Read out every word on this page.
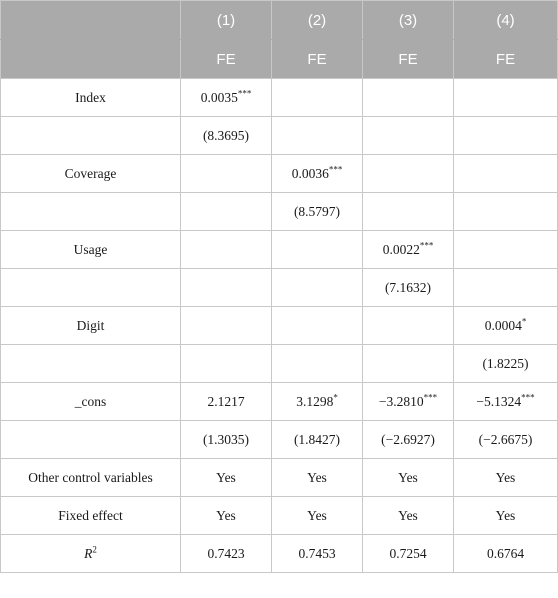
	(1)	(2)	(3)	(4)
	FE	FE	FE	FE
Index	0.0035***			
	(8.3695)			
Coverage		0.0036***		
		(8.5797)		
Usage			0.0022***	
			(7.1632)	
Digit				0.0004*
				(1.8225)
_cons	2.1217	3.1298*	−3.2810***	−5.1324***
	(1.3035)	(1.8427)	(−2.6927)	(−2.6675)
Other control variables	Yes	Yes	Yes	Yes
Fixed effect	Yes	Yes	Yes	Yes
$R^2$	0.7423	0.7453	0.7254	0.6764
